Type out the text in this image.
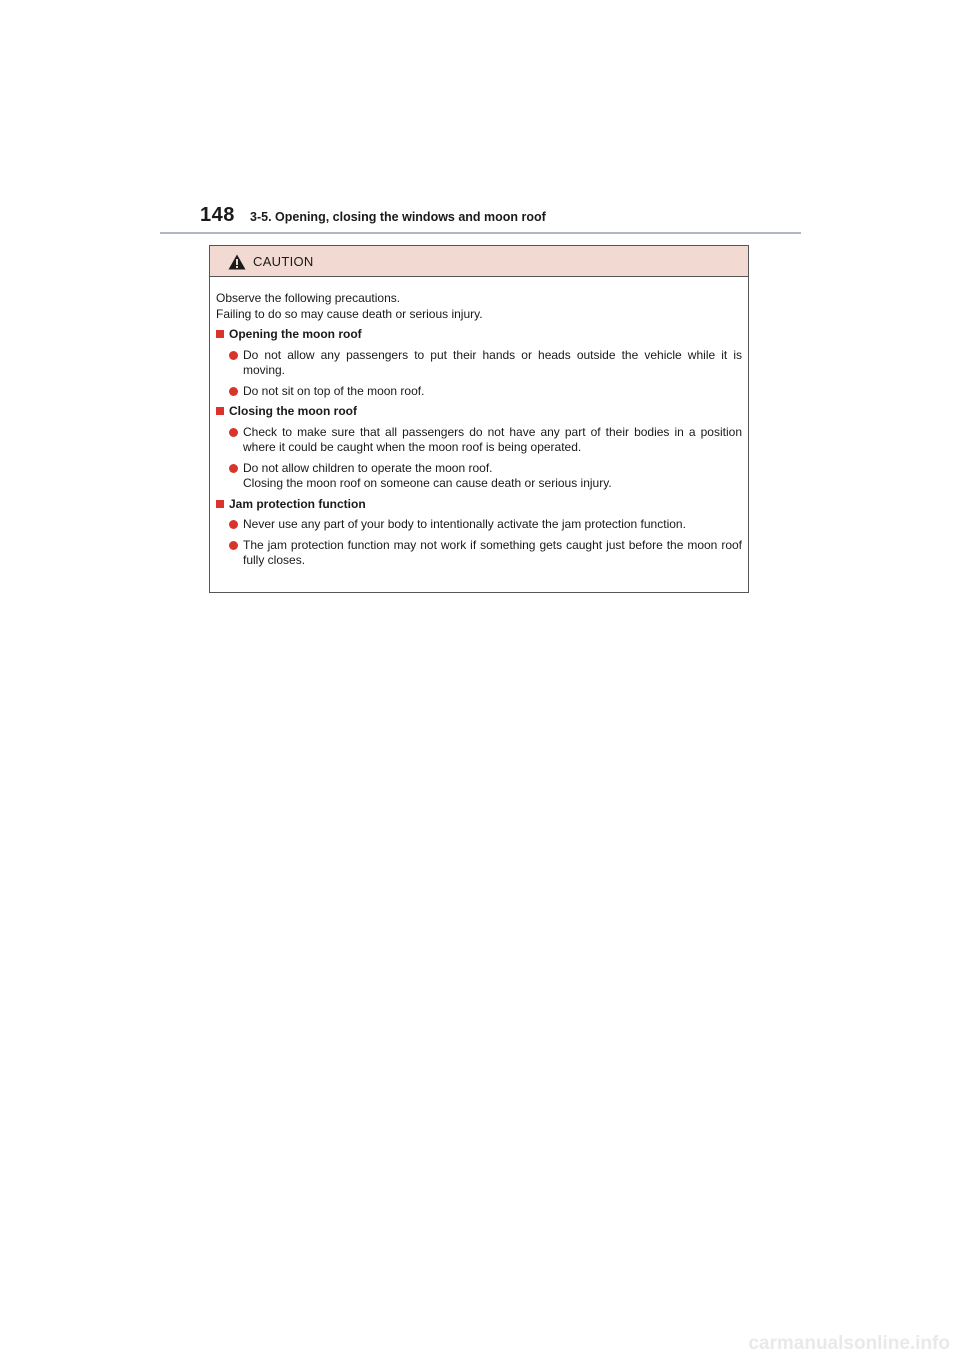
148 3-5. Opening, closing the windows and moon roof
CAUTION
Observe the following precautions.
Failing to do so may cause death or serious injury.
Opening the moon roof
Do not allow any passengers to put their hands or heads outside the vehicle while it is moving.
Do not sit on top of the moon roof.
Closing the moon roof
Check to make sure that all passengers do not have any part of their bodies in a position where it could be caught when the moon roof is being operated.
Do not allow children to operate the moon roof.
Closing the moon roof on someone can cause death or serious injury.
Jam protection function
Never use any part of your body to intentionally activate the jam protection function.
The jam protection function may not work if something gets caught just before the moon roof fully closes.
carmanualsonline.info
